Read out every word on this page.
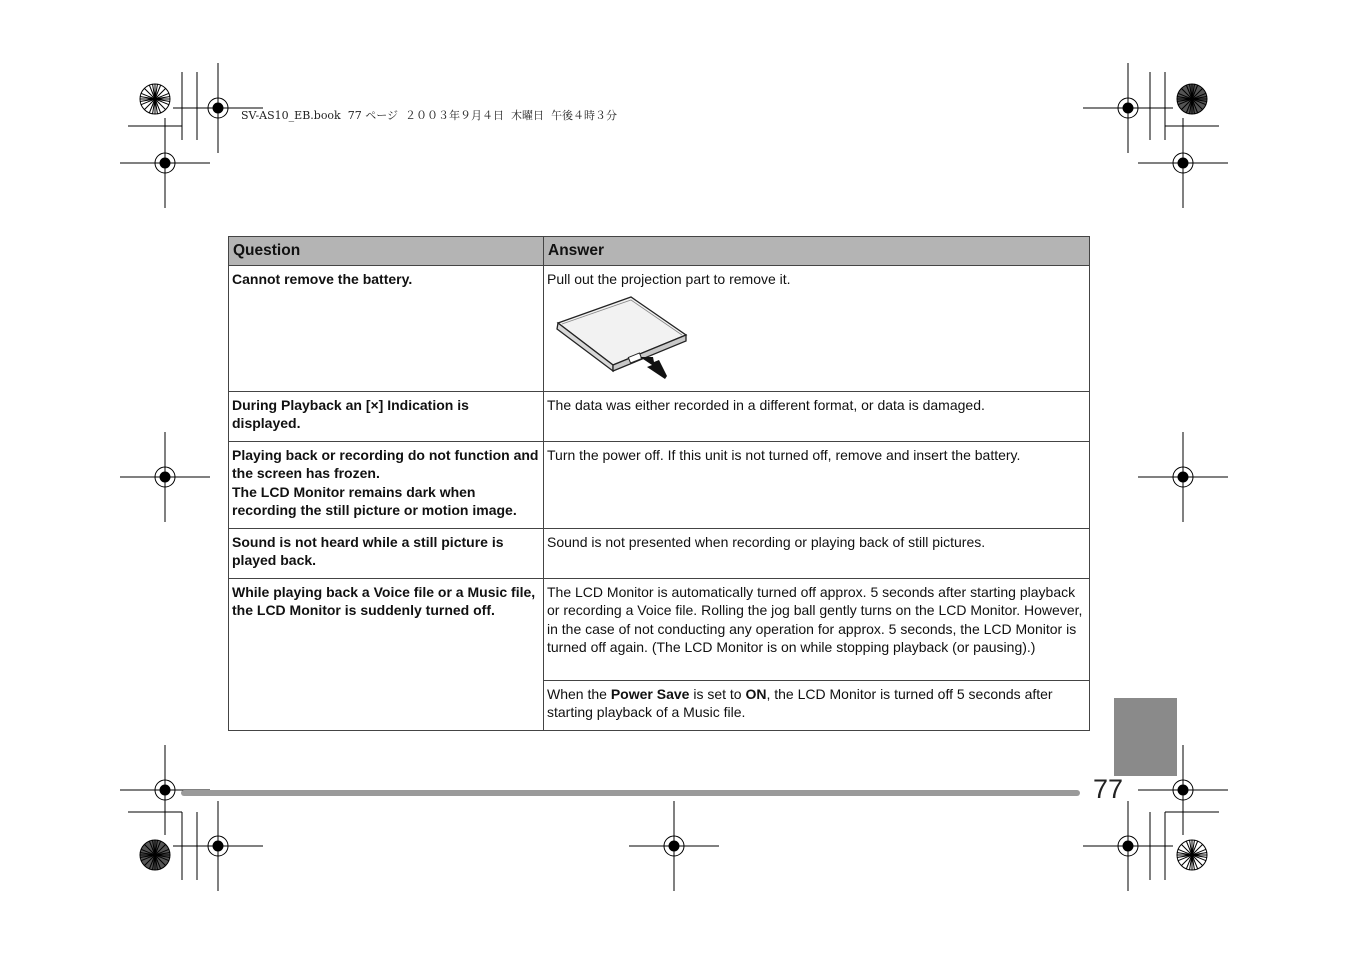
SV-AS10_EB.book  77 ページ  ２００３年９月４日  木曜日  午後４時３分
Question	Answer
Cannot remove the battery.	Pull out the projection part to remove it.

During Playback an [×] Indication is displayed.	The data was either recorded in a different format, or data is damaged.

Playing back or recording do not function and the screen has frozen.
The LCD Monitor remains dark when recording the still picture or motion image.	Turn the power off. If this unit is not turned off, remove and insert the battery.
Sound is not heard while a still picture is played back.	Sound is not presented when recording or playing back of still pictures.
While playing back a Voice file or a Music file, the LCD Monitor is suddenly turned off.	The LCD Monitor is automatically turned off approx. 5 seconds after starting playback or recording a Voice file. Rolling the jog ball gently turns on the LCD Monitor. However, in the case of not conducting any operation for approx. 5 seconds, the LCD Monitor is turned off again. (The LCD Monitor is on while stopping playback (or pausing).)
	When the Power Save is set to ON, the LCD Monitor is turned off 5 seconds after starting playback of a Music file.
77
